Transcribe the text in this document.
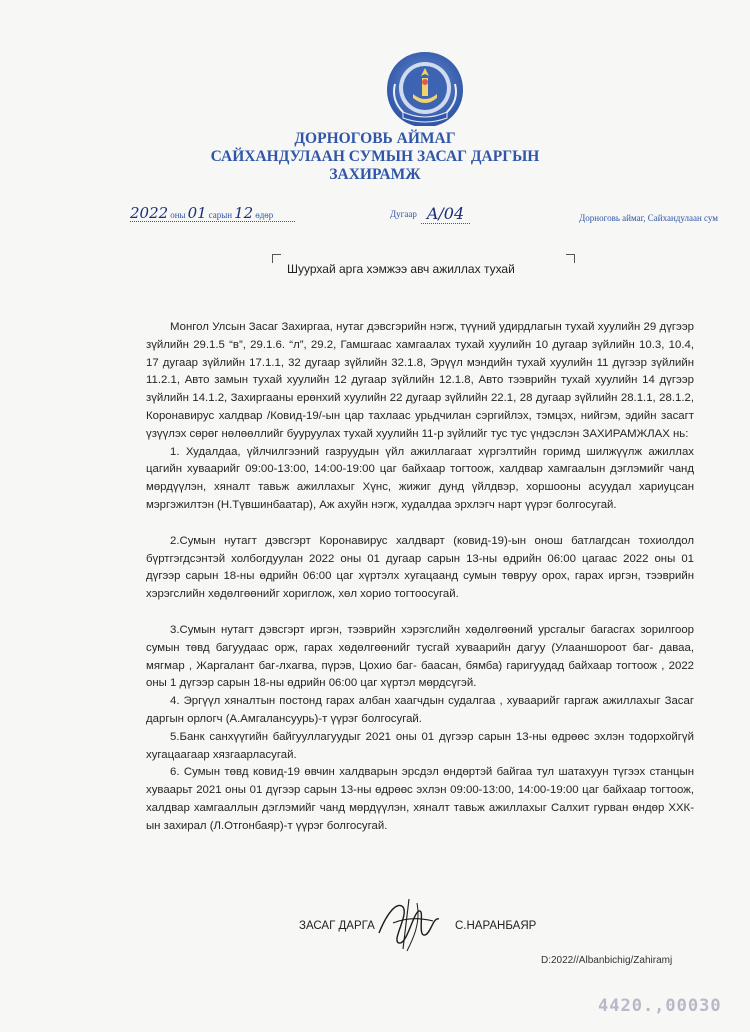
ДОРНОГОВЬ АЙМАГ
САЙХАНДУЛААН СУМЫН ЗАСАГ ДАРГЫН
ЗАХИРАМЖ
2022 оны 01 сарын 12 өдөр	Дугаар A/04	Дорноговь аймаг, Сайхандулаан сум
Шуурхай арга хэмжээ авч ажиллах тухай

Монгол Улсын Засаг Захиргаа, нутаг дэвсгэрийн нэгж, түүний удирдлагын тухай хуулийн 29 дүгээр зүйлийн 29.1.5 “в”, 29.1.6. “л”, 29.2, Гамшгаас хамгаалах тухай хуулийн 10 дугаар зүйлийн 10.3, 10.4, 17 дугаар зүйлийн 17.1.1, 32 дугаар зүйлийн 32.1.8, Эрүүл мэндийн тухай хуулийн 11 дүгээр зүйлийн 11.2.1, Авто замын тухай хуулийн 12 дугаар зүйлийн 12.1.8, Авто тээврийн тухай хуулийн 14 дүгээр зүйлийн 14.1.2, Захиргааны ерөнхий хуулийн 22 дугаар зүйлийн 22.1, 28 дугаар зүйлийн 28.1.1, 28.1.2, Коронавирус халдвар /Ковид-19/-ын цар тахлаас урьдчилан сэргийлэх, тэмцэх, нийгэм, эдийн засагт үзүүлэх сөрөг нөлөөллийг бууруулах тухай хуулийн 11-р зүйлийг тус тус үндэслэн ЗАХИРАМЖЛАХ нь:

1. Худалдаа, үйлчилгээний газруудын үйл ажиллагаат хүргэлтийн горимд шилжүүлж ажиллах цагийн хуваарийг 09:00-13:00, 14:00-19:00 цаг байхаар тогтоож, халдвар хамгаалын дэглэмийг чанд мөрдүүлэн, хяналт тавьж ажиллахыг Хүнс, жижиг дунд үйлдвэр, хоршооны асуудал хариуцсан мэргэжилтэн (Н.Түвшинбаатар), Аж ахуйн нэгж, худалдаа эрхлэгч нарт үүрэг болгосугай.

2.Сумын нутагт дэвсгэрт Коронавирус халдварт (ковид-19)-ын онош батлагдсан тохиолдол бүртгэгдсэнтэй холбогдуулан 2022 оны 01 дугаар сарын 13-ны өдрийн 06:00 цагаас 2022 оны 01 дүгээр сарын 18-ны өдрийн 06:00 цаг хүртэлх хугацаанд сумын төвруу орох, гарах иргэн, тээврийн хэрэгслийн хөдөлгөөнийг хориглож, хөл хорио тогтоосугай.

3.Сумын нутагт дэвсгэрт иргэн, тээврийн хэрэгслийн хөдөлгөөний урсгалыг багасгах зорилгоор сумын төвд багуудаас орж, гарах хөдөлгөөнийг тусгай хуваарийн дагуу (Улааншороот баг- даваа, мягмар , Жаргалант баг-лхагва, пүрэв, Цохио баг- баасан, бямба) гаригуудад байхаар тогтоож , 2022 оны 1 дүгээр сарын 18-ны өдрийн 06:00 цаг хүртэл мөрдсүгэй.

4. Эргүүл хяналтын постонд гарах албан хаагчдын судалгаа , хуваарийг гаргаж ажиллахыг Засаг даргын орлогч (А.Амгалансуурь)-т үүрэг болгосугай.

5.Банк санхүүгийн байгууллагуудыг 2021 оны 01 дүгээр сарын 13-ны өдрөөс эхлэн тодорхойгүй хугацаагаар хязгаарласугай.

6. Сумын төвд ковид-19 өвчин халдварын эрсдэл өндөртэй байгаа тул шатахуун түгээх станцын хуваарьт 2021 оны 01 дүгээр сарын 13-ны өдрөөс эхлэн 09:00-13:00, 14:00-19:00 цаг байхаар тогтоож, халдвар хамгааллын дэглэмийг чанд мөрдүүлэн, хяналт тавьж ажиллахыг Салхит гурван өндөр ХХК-ын захирал (Л.Отгонбаяр)-т үүрэг болгосугай.

ЗАСАГ ДАРГА	С.НАРАНБАЯР
D:2022//Albanbichig/Zahiramj
4420.,00030
